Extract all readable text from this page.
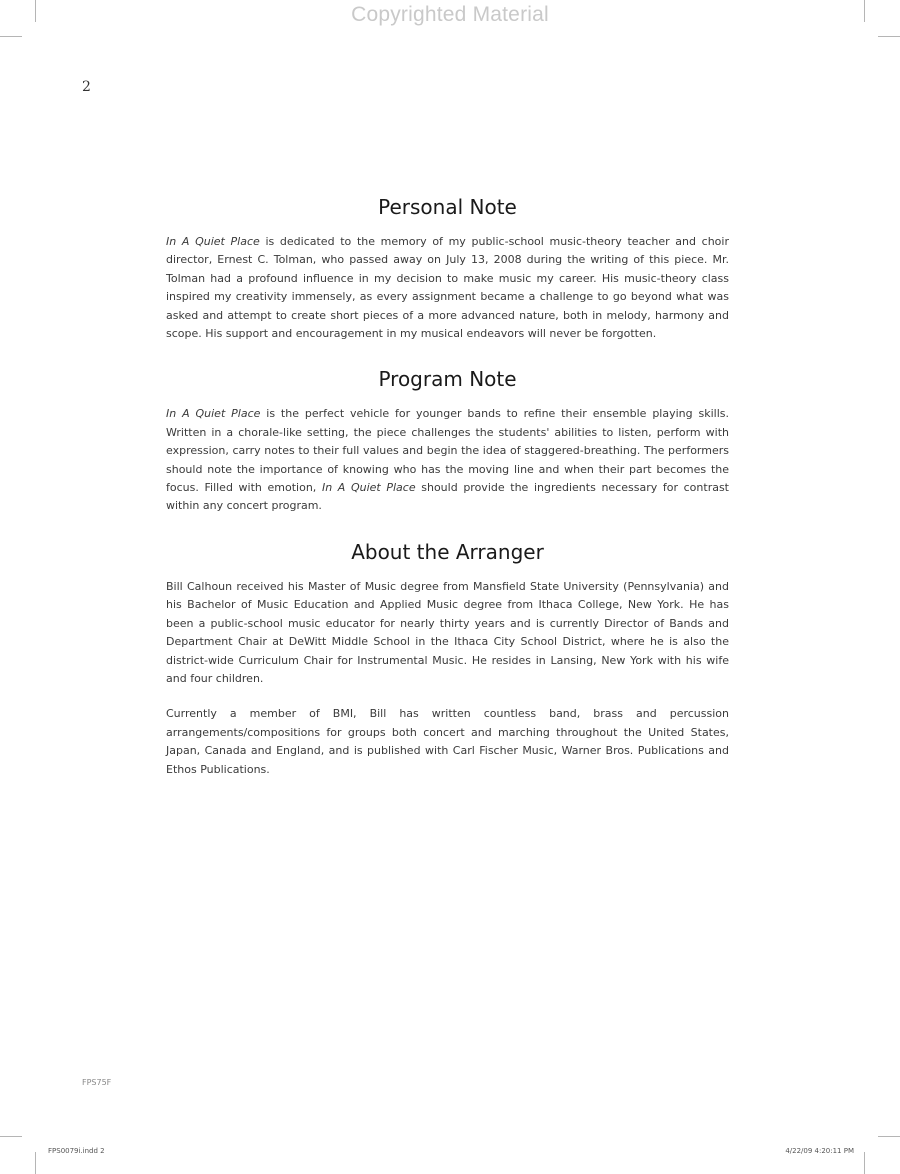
Copyrighted Material
2
Personal Note

In A Quiet Place is dedicated to the memory of my public-school music-theory teacher and choir director, Ernest C. Tolman, who passed away on July 13, 2008 during the writing of this piece. Mr. Tolman had a profound influence in my decision to make music my career. His music-theory class inspired my creativity immensely, as every assignment became a challenge to go beyond what was asked and attempt to create short pieces of a more advanced nature, both in melody, harmony and scope. His support and encouragement in my musical endeavors will never be forgotten.

Program Note

In A Quiet Place is the perfect vehicle for younger bands to refine their ensemble playing skills. Written in a chorale-like setting, the piece challenges the students' abilities to listen, perform with expression, carry notes to their full values and begin the idea of staggered-breathing. The performers should note the importance of knowing who has the moving line and when their part becomes the focus. Filled with emotion, In A Quiet Place should provide the ingredients necessary for contrast within any concert program.

About the Arranger

Bill Calhoun received his Master of Music degree from Mansfield State University (Pennsylvania) and his Bachelor of Music Education and Applied Music degree from Ithaca College, New York. He has been a public-school music educator for nearly thirty years and is currently Director of Bands and Department Chair at DeWitt Middle School in the Ithaca City School District, where he is also the district-wide Curriculum Chair for Instrumental Music. He resides in Lansing, New York with his wife and four children.

Currently a member of BMI, Bill has written countless band, brass and percussion arrangements/compositions for groups both concert and marching throughout the United States, Japan, Canada and England, and is published with Carl Fischer Music, Warner Bros. Publications and Ethos Publications.

FPS75F
FPS0079i.indd 2	4/22/09 4:20:11 PM
